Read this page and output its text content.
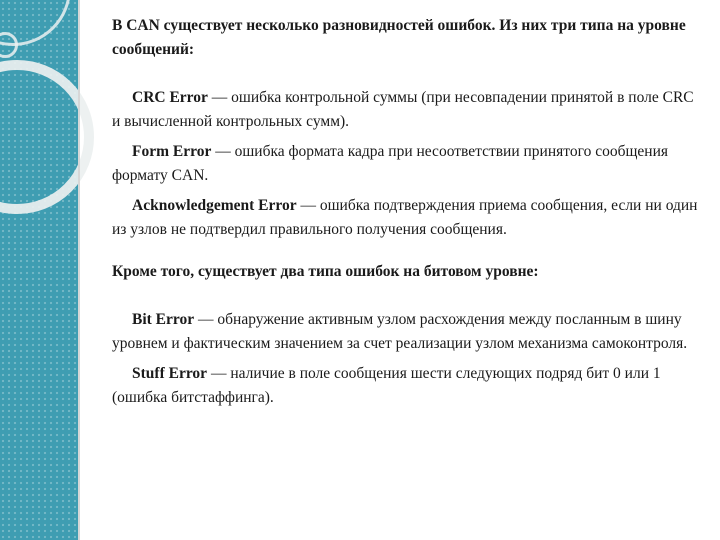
В CAN существует несколько разновидностей ошибок. Из них три типа на уровне сообщений:

CRC Error — ошибка контрольной суммы (при несовпадении принятой в поле CRC и вычисленной контрольных сумм).

Form Error — ошибка формата кадра при несоответствии принятого сообщения формату CAN.

Acknowledgement Error — ошибка подтверждения приема сообщения, если ни один из узлов не подтвердил правильного получения сообщения.

Кроме того, существует два типа ошибок на битовом уровне:

Bit Error — обнаружение активным узлом расхождения между посланным в шину уровнем и фактическим значением за счет реализации узлом механизма самоконтроля.

Stuff Error — наличие в поле сообщения шести следующих подряд бит 0 или 1 (ошибка битстаффинга).
